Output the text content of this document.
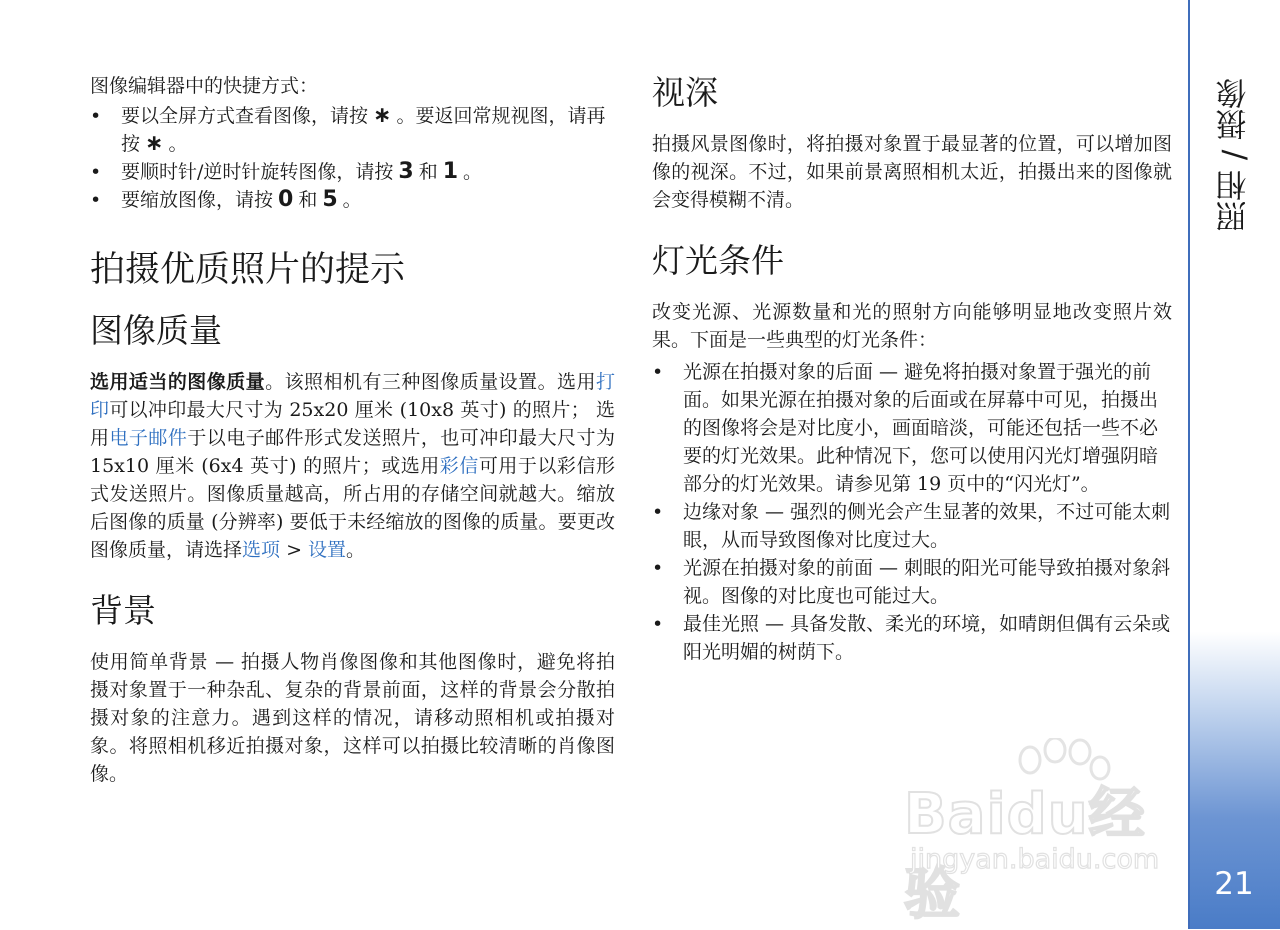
图像编辑器中的快捷方式：

• 要以全屏方式查看图像，请按 ∗ 。要返回常规视图，请再按 ∗ 。
• 要顺时针/逆时针旋转图像，请按 3 和 1 。
• 要缩放图像，请按 0 和 5 。
拍摄优质照片的提示
图像质量

选用适当的图像质量。该照相机有三种图像质量设置。选用打印可以冲印最大尺寸为 25x20 厘米 (10x8 英寸) 的照片； 选用电子邮件于以电子邮件形式发送照片，也可冲印最大尺寸为 15x10 厘米 (6x4 英寸) 的照片；或选用彩信可用于以彩信形式发送照片。图像质量越高，所占用的存储空间就越大。缩放后图像的质量 (分辨率) 要低于未经缩放的图像的质量。要更改图像质量，请选择选项 > 设置。

背景

使用简单背景 — 拍摄人物肖像图像和其他图像时，避免将拍摄对象置于一种杂乱、复杂的背景前面，这样的背景会分散拍摄对象的注意力。遇到这样的情况，请移动照相机或拍摄对象。将照相机移近拍摄对象，这样可以拍摄比较清晰的肖像图像。

视深

拍摄风景图像时，将拍摄对象置于最显著的位置，可以增加图像的视深。不过，如果前景离照相机太近，拍摄出来的图像就会变得模糊不清。

灯光条件

改变光源、光源数量和光的照射方向能够明显地改变照片效果。下面是一些典型的灯光条件：

• 光源在拍摄对象的后面 — 避免将拍摄对象置于强光的前面。如果光源在拍摄对象的后面或在屏幕中可见，拍摄出的图像将会是对比度小，画面暗淡，可能还包括一些不必要的灯光效果。此种情况下，您可以使用闪光灯增强阴暗部分的灯光效果。请参见第 19 页中的“闪光灯”。
• 边缘对象 — 强烈的侧光会产生显著的效果，不过可能太刺眼，从而导致图像对比度过大。
• 光源在拍摄对象的前面 — 刺眼的阳光可能导致拍摄对象斜视。图像的对比度也可能过大。
• 最佳光照 — 具备发散、柔光的环境，如晴朗但偶有云朵或阳光明媚的树荫下。
照相 / 摄像
21
Baidu经验
jingyan.baidu.com
